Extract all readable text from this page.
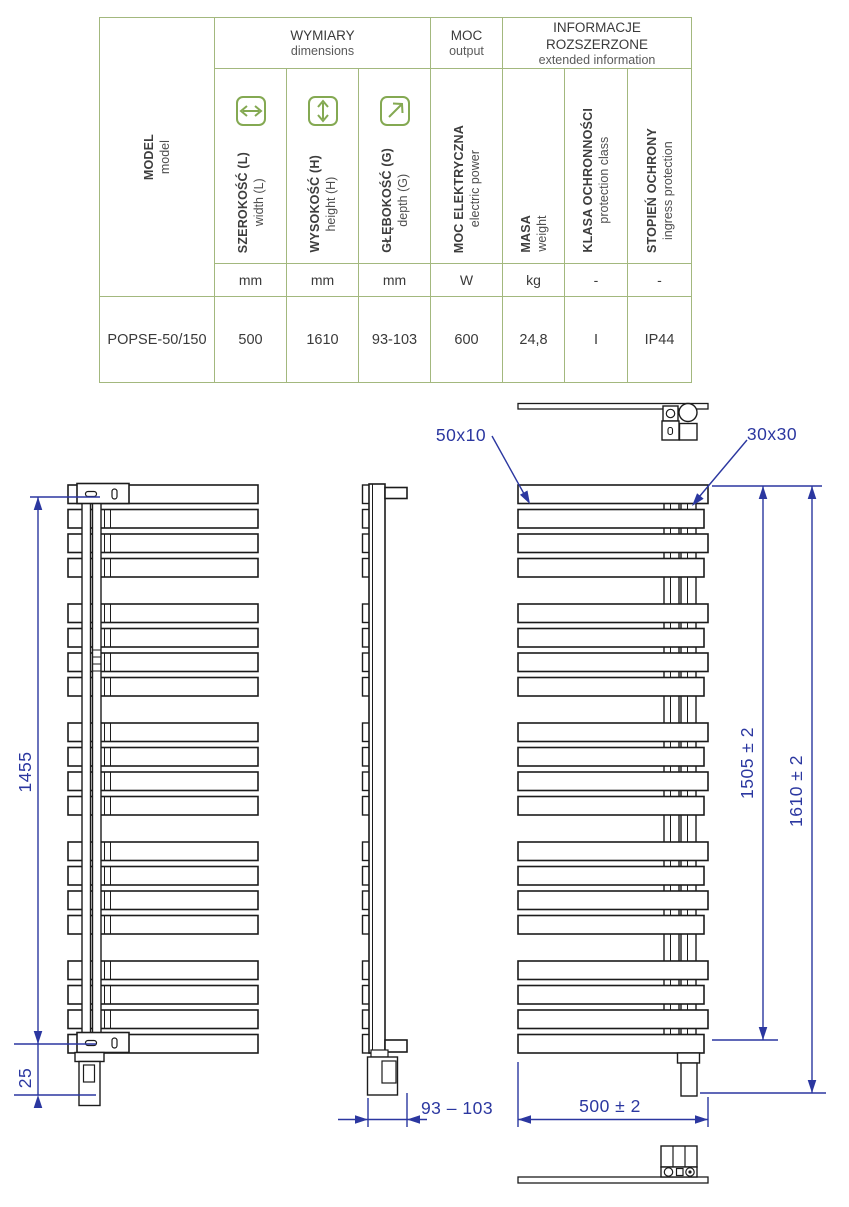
MODEL model

WYMIARY
dimensions

MOC
output

INFORMACJE ROZSZERZONE
extended information

	SZEROKOŚĆ (L) width (L)	WYSOKOŚĆ (H) height (H)	GŁĘBOKOŚĆ (G) depth (G)	MOC ELEKTRYCZNA electric power	MASA weight	KLASA OCHRONNOŚCI protection class	STOPIEŃ OCHRONY ingress protection

	mm	mm	mm	W	kg	-	-
POPSE-50/150	500	1610	93-103	600	24,8	I	IP44
1455
25
93 – 103
50x10	30x30
1505 ± 2 1610 ± 2
500 ± 2
